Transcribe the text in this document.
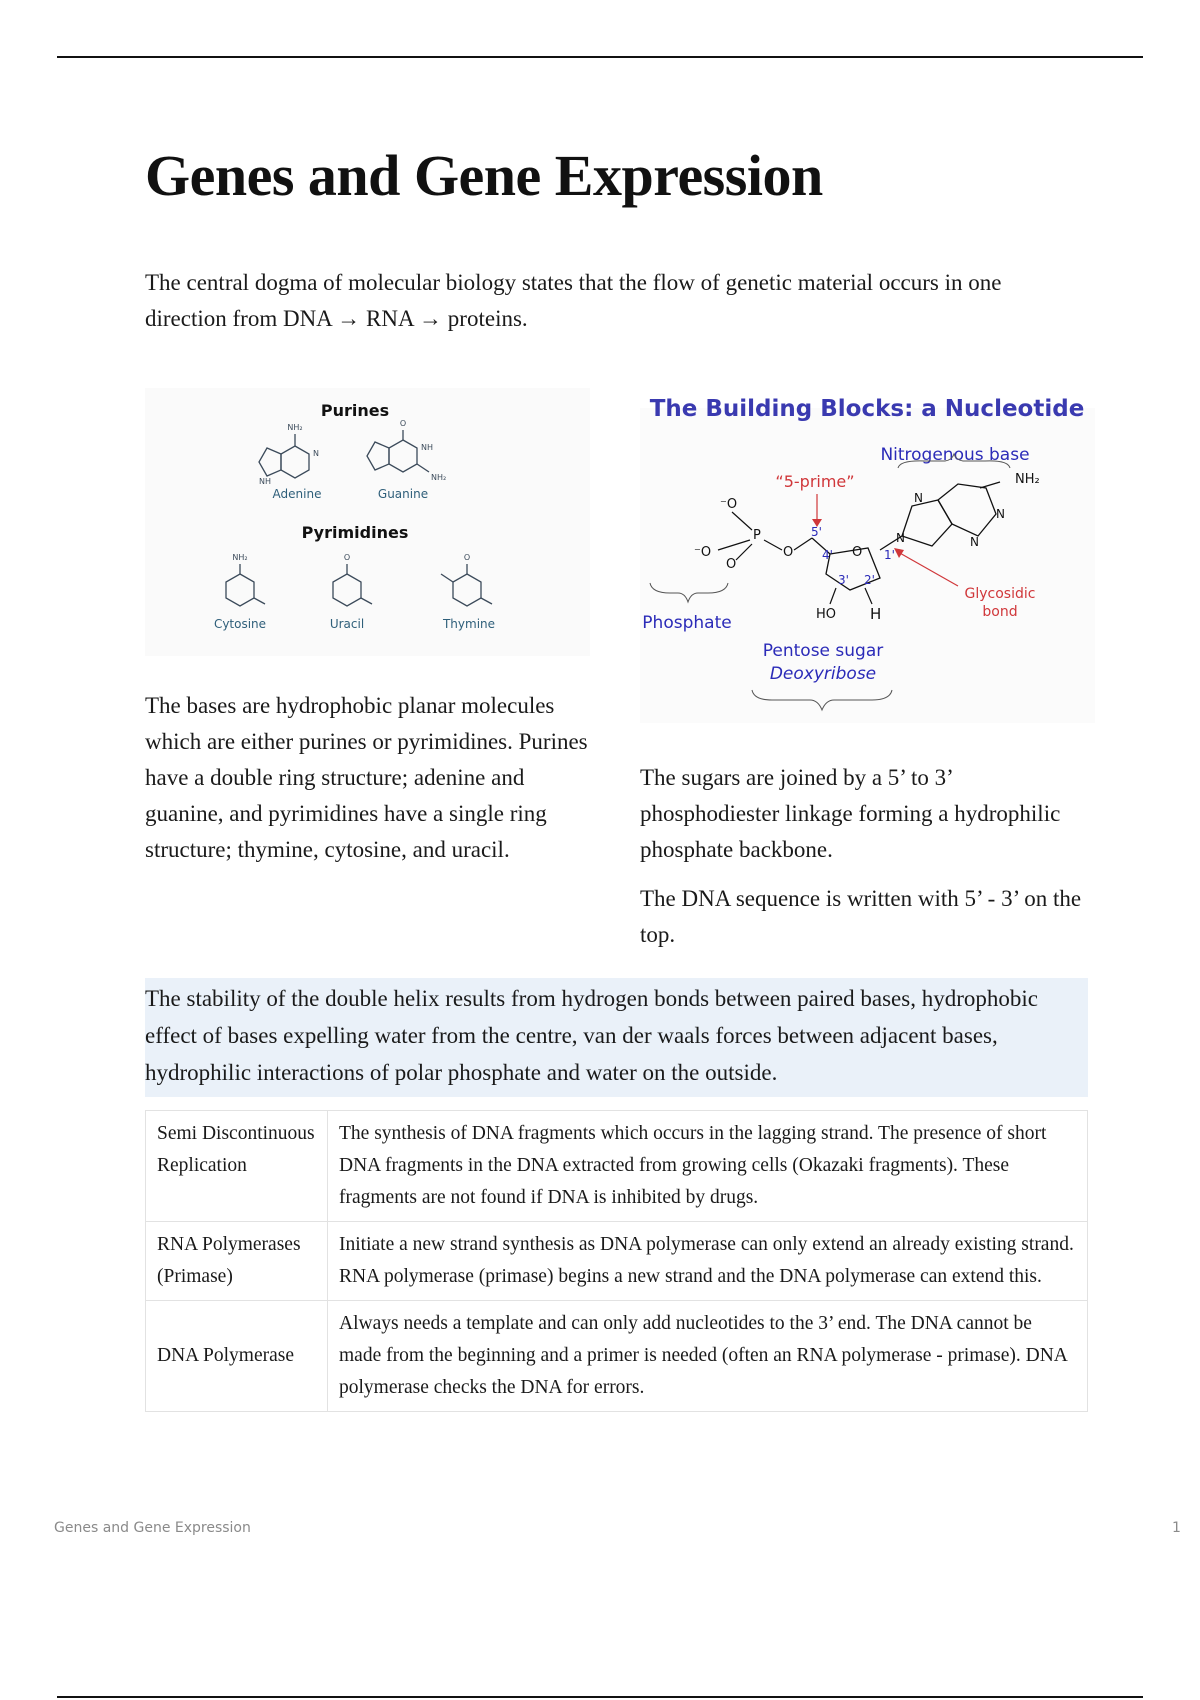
Genes and Gene Expression

The central dogma of molecular biology states that the flow of genetic material occurs in one direction from DNA → RNA → proteins.

Purines
NH₂
N
NH
Adenine
O
NH
NH₂
Guanine
Pyrimidines
NH₂
Cytosine
O
Uracil
O
Thymine
The Building Blocks: a Nucleotide
Nitrogenous base
“5-prime”	NH₂
⁻O
P
⁻O
O
O	O
5'
4'
3' 2'
1'
HO H
N
N
N
N
Glycosidic
bond
Phosphate
Pentose sugar
Deoxyribose

The bases are hydrophobic planar molecules which are either purines or pyrimidines. Purines have a double ring structure; adenine and guanine, and pyrimidines have a single ring structure; thymine, cytosine, and uracil.

The sugars are joined by a 5’ to 3’ phosphodiester linkage forming a hydrophilic phosphate backbone.

The DNA sequence is written with 5’ - 3’ on the top.

The stability of the double helix results from hydrogen bonds between paired bases, hydrophobic effect of bases expelling water from the centre, van der waals forces between adjacent bases, hydrophilic interactions of polar phosphate and water on the outside.

Semi Discontinuous Replication	The synthesis of DNA fragments which occurs in the lagging strand. The presence of short DNA fragments in the DNA extracted from growing cells (Okazaki fragments). These fragments are not found if DNA is inhibited by drugs.
RNA Polymerases (Primase)	Initiate a new strand synthesis as DNA polymerase can only extend an already existing strand. RNA polymerase (primase) begins a new strand and the DNA polymerase can extend this.
DNA Polymerase	Always needs a template and can only add nucleotides to the 3’ end. The DNA cannot be made from the beginning and a primer is needed (often an RNA polymerase - primase). DNA polymerase checks the DNA for errors.
Genes and Gene Expression	1
